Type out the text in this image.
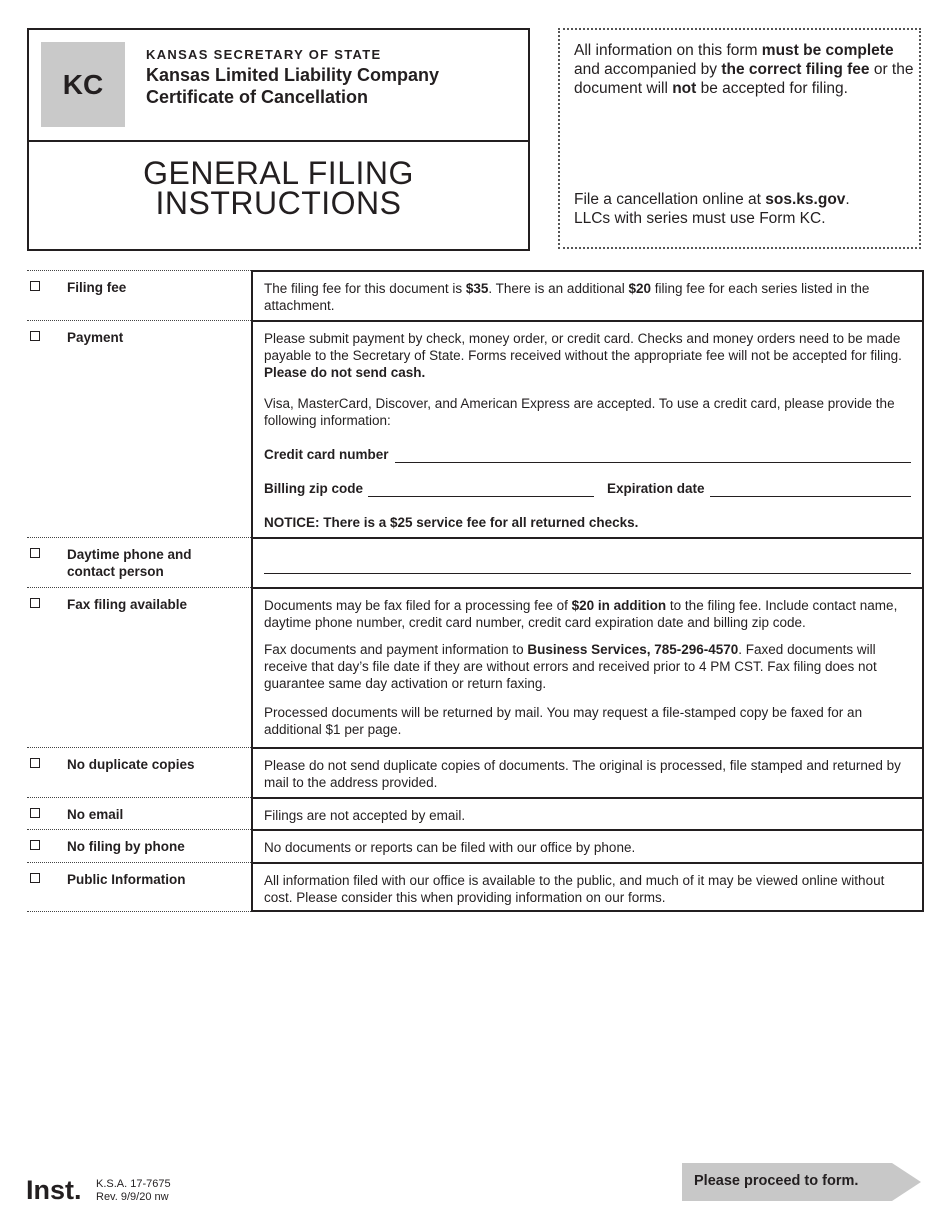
KC
KANSAS SECRETARY OF STATE
Kansas Limited Liability Company
Certificate of Cancellation
GENERAL FILING
INSTRUCTIONS
All information on this form must be complete and accompanied by the correct filing fee or the document will not be accepted for filing.
File a cancellation online at sos.ks.gov.
LLCs with series must use Form KC.
Filing fee	The filing fee for this document is $35. There is an additional $20 filing fee for each series listed in the attachment.
Payment	Please submit payment by check, money order, or credit card. Checks and money orders need to be made payable to the Secretary of State. Forms received without the appropriate fee will not be accepted for filing. Please do not send cash.
Visa, MasterCard, Discover, and American Express are accepted. To use a credit card, please provide the following information:
Credit card number
Billing zip code	Expiration date
NOTICE: There is a $25 service fee for all returned checks.
Daytime phone and
contact person
Fax filing available	Documents may be fax filed for a processing fee of $20 in addition to the filing fee. Include contact name, daytime phone number, credit card number, credit card expiration date and billing zip code.
Fax documents and payment information to Business Services, 785-296-4570. Faxed documents will receive that day’s file date if they are without errors and received prior to 4 PM CST. Fax filing does not guarantee same day activation or return faxing.
Processed documents will be returned by mail. You may request a file-stamped copy be faxed for an additional $1 per page.
No duplicate copies	Please do not send duplicate copies of documents. The original is processed, file stamped and returned by mail to the address provided.
No email	Filings are not accepted by email.
No filing by phone	No documents or reports can be filed with our office by phone.
Public Information	All information filed with our office is available to the public, and much of it may be viewed online without cost. Please consider this when providing information on our forms.
Inst. K.S.A. 17-7675
Rev. 9/9/20 nw
Please proceed to form.
